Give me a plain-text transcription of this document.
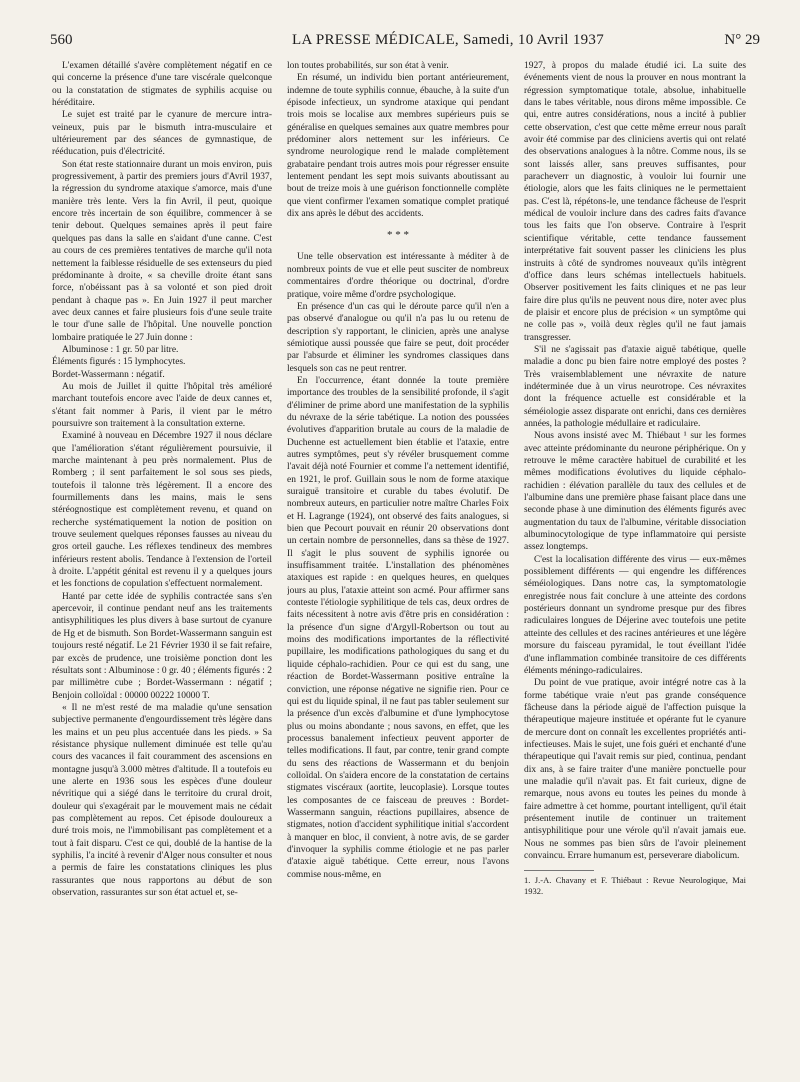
560	LA PRESSE MÉDICALE, Samedi, 10 Avril 1937	N° 29

L'examen détaillé s'avère complètement négatif en ce qui concerne la présence d'une tare viscérale quelconque ou la constatation de stigmates de syphilis acquise ou héréditaire.

Le sujet est traité par le cyanure de mercure intra-veineux, puis par le bismuth intra-musculaire et ultérieurement par des séances de gymnastique, de rééducation, puis d'électricité.

Son état reste stationnaire durant un mois environ, puis progressivement, à partir des premiers jours d'Avril 1937, la régression du syndrome ataxique s'amorce, mais d'une manière très lente. Vers la fin Avril, il peut, quoique encore très incertain de son équilibre, commencer à se tenir debout. Quelques semaines après il peut faire quelques pas dans la salle en s'aidant d'une canne. C'est au cours de ces premières tentatives de marche qu'il nota nettement la faiblesse résiduelle de ses extenseurs du pied prédominante à droite, « sa cheville droite étant sans force, n'obéissant pas à sa volonté et son pied droit pendant à chaque pas ». En Juin 1927 il peut marcher avec deux cannes et faire plusieurs fois d'une seule traite le tour d'une salle de l'hôpital. Une nouvelle ponction lombaire pratiquée le 27 Juin donne :

Albuminose : 1 gr. 50 par litre.

Éléments figurés : 15 lymphocytes.

Bordet-Wassermann : négatif.

Au mois de Juillet il quitte l'hôpital très amélioré marchant toutefois encore avec l'aide de deux cannes et, s'étant fait nommer à Paris, il vient par le métro poursuivre son traitement à la consultation externe.

Examiné à nouveau en Décembre 1927 il nous déclare que l'amélioration s'étant régulièrement poursuivie, il marche maintenant à peu près normalement. Plus de Romberg ; il sent parfaitement le sol sous ses pieds, toutefois il talonne très légèrement. Il a encore des fourmillements dans les mains, mais le sens stéréognostique est complètement revenu, et quand on recherche systématiquement la notion de position on trouve seulement quelques réponses fausses au niveau du gros orteil gauche. Les réflexes tendineux des membres inférieurs restent abolis. Tendance à l'extension de l'orteil à droite. L'appétit génital est revenu il y a quelques jours et les fonctions de copulation s'effectuent normalement.

Hanté par cette idée de syphilis contractée sans s'en apercevoir, il continue pendant neuf ans les traitements antisyphilitiques les plus divers à base surtout de cyanure de Hg et de bismuth. Son Bordet-Wassermann sanguin est toujours resté négatif. Le 21 Février 1930 il se fait refaire, par excès de prudence, une troisième ponction dont les résultats sont : Albuminose : 0 gr. 40 ; éléments figurés : 2 par millimètre cube ; Bordet-Wassermann : négatif ; Benjoin colloïdal : 00000 00222 10000 T.

« Il ne m'est resté de ma maladie qu'une sensation subjective permanente d'engourdissement très légère dans les mains et un peu plus accentuée dans les pieds. » Sa résistance physique nullement diminuée est telle qu'au cours des vacances il fait couramment des ascensions en montagne jusqu'à 3.000 mètres d'altitude. Il a toutefois eu une alerte en 1936 sous les espèces d'une douleur névritique qui a siégé dans le territoire du crural droit, douleur qui s'exagérait par le mouvement mais ne cédait pas complètement au repos. Cet épisode douloureux a duré trois mois, ne l'immobilisant pas complètement et a tout à fait disparu. C'est ce qui, doublé de la hantise de la syphilis, l'a incité à revenir d'Alger nous consulter et nous a permis de faire les constatations cliniques les plus rassurantes que nous rapportons au début de son observation, rassurantes sur son état actuel et, se-

lon toutes probabilités, sur son état à venir.

En résumé, un individu bien portant antérieurement, indemne de toute syphilis connue, ébauche, à la suite d'un épisode infectieux, un syndrome ataxique qui pendant trois mois se localise aux membres supérieurs puis se généralise en quelques semaines aux quatre membres pour prédominer alors nettement sur les inférieurs. Ce syndrome neurologique rend le malade complètement grabataire pendant trois autres mois pour régresser ensuite lentement pendant les sept mois suivants aboutissant au bout de treize mois à une guérison fonctionnelle complète que vient confirmer l'examen somatique complet pratiqué dix ans après le début des accidents.

* * *

Une telle observation est intéressante à méditer à de nombreux points de vue et elle peut susciter de nombreux commentaires d'ordre théorique ou doctrinal, d'ordre pratique, voire même d'ordre psychologique.

En présence d'un cas qui le déroute parce qu'il n'en a pas observé d'analogue ou qu'il n'a pas lu ou retenu de description s'y rapportant, le clinicien, après une analyse sémiotique aussi poussée que faire se peut, doit procéder par l'absurde et éliminer les syndromes classiques dans lesquels son cas ne peut rentrer.

En l'occurrence, étant donnée la toute première importance des troubles de la sensibilité profonde, il s'agit d'éliminer de prime abord une manifestation de la syphilis du névraxe de la série tabétique. La notion des poussées évolutives d'apparition brutale au cours de la maladie de Duchenne est actuellement bien établie et l'ataxie, entre autres symptômes, peut s'y révéler brusquement comme l'avait déjà noté Fournier et comme l'a nettement identifié, en 1921, le prof. Guillain sous le nom de forme ataxique suraiguë transitoire et curable du tabes évolutif. De nombreux auteurs, en particulier notre maître Charles Foix et H. Lagrange (1924), ont observé des faits analogues, si bien que Pecourt pouvait en réunir 20 observations dont un certain nombre de personnelles, dans sa thèse de 1927. Il s'agit le plus souvent de syphilis ignorée ou insuffisamment traitée. L'installation des phénomènes ataxiques est rapide : en quelques heures, en quelques jours au plus, l'ataxie atteint son acmé. Pour affirmer sans conteste l'étiologie syphilitique de tels cas, deux ordres de faits nécessitent à notre avis d'être pris en considération : la présence d'un signe d'Argyll-Robertson ou tout au moins des modifications importantes de la réflectivité pupillaire, les modifications pathologiques du sang et du liquide céphalo-rachidien. Pour ce qui est du sang, une réaction de Bordet-Wassermann positive entraîne la conviction, une réponse négative ne signifie rien. Pour ce qui est du liquide spinal, il ne faut pas tabler seulement sur la présence d'un excès d'albumine et d'une lymphocytose plus ou moins abondante ; nous savons, en effet, que les processus banalement infectieux peuvent apporter de telles modifications. Il faut, par contre, tenir grand compte du sens des réactions de Wassermann et du benjoin colloïdal. On s'aidera encore de la constatation de certains stigmates viscéraux (aortite, leucoplasie). Lorsque toutes les composantes de ce faisceau de preuves : Bordet-Wassermann sanguin, réactions pupillaires, absence de stigmates, notion d'accident syphilitique initial s'accordent à manquer en bloc, il convient, à notre avis, de se garder d'invoquer la syphilis comme étiologie et ne pas parler d'ataxie aiguë tabétique. Cette erreur, nous l'avons commise nous-même, en

1927, à propos du malade étudié ici. La suite des événements vient de nous la prouver en nous montrant la régression symptomatique totale, absolue, inhabituelle dans le tabes véritable, nous dirons même impossible. Ce qui, entre autres considérations, nous a incité à publier cette observation, c'est que cette même erreur nous paraît avoir été commise par des cliniciens avertis qui ont relaté des observations analogues à la nôtre. Comme nous, ils se sont laissés aller, sans preuves suffisantes, pour paracheverr un diagnostic, à vouloir lui fournir une étiologie, alors que les faits cliniques ne le permettaient pas. C'est là, répétons-le, une tendance fâcheuse de l'esprit médical de vouloir inclure dans des cadres faits d'avance tous les faits que l'on observe. Contraire à l'esprit scientifique véritable, cette tendance faussement interprétative fait souvent passer les cliniciens les plus instruits à côté de syndromes nouveaux qu'ils intègrent d'office dans leurs schémas intellectuels habituels. Observer positivement les faits cliniques et ne pas leur faire dire plus qu'ils ne peuvent nous dire, noter avec plus de plaisir et encore plus de précision « un symptôme qui ne colle pas », voilà deux règles qu'il ne faut jamais transgresser.

S'il ne s'agissait pas d'ataxie aiguë tabétique, quelle maladie a donc pu bien faire notre employé des postes ? Très vraisemblablement une névraxite de nature indéterminée due à un virus neurotrope. Ces névraxites dont la fréquence actuelle est considérable et la séméiologie assez disparate ont enrichi, dans ces dernières années, la pathologie médullaire et radiculaire.

Nous avons insisté avec M. Thiébaut ¹ sur les formes avec atteinte prédominante du neurone périphérique. On y retrouve le même caractère habituel de curabilité et les mêmes modifications évolutives du liquide céphalo-rachidien : élévation parallèle du taux des cellules et de l'albumine dans une première phase faisant place dans une seconde phase à une diminution des éléments figurés avec augmentation du taux de l'albumine, véritable dissociation albuminocytologique de type inflammatoire qui persiste assez longtemps.

C'est la localisation différente des virus — eux-mêmes possiblement différents — qui engendre les différences séméiologiques. Dans notre cas, la symptomatologie enregistrée nous fait conclure à une atteinte des cordons postérieurs donnant un syndrome presque pur des fibres radiculaires longues de Déjerine avec toutefois une petite atteinte des cellules et des racines antérieures et une légère morsure du faisceau pyramidal, le tout éveillant l'idée d'une inflammation combinée transitoire de ces différents éléments méningo-radiculaires.

Du point de vue pratique, avoir intégré notre cas à la forme tabétique vraie n'eut pas grande conséquence fâcheuse dans la période aiguë de l'affection puisque la thérapeutique majeure instituée et opérante fut le cyanure de mercure dont on connaît les excellentes propriétés anti-infectieuses. Mais le sujet, une fois guéri et enchanté d'une thérapeutique qui l'avait remis sur pied, continua, pendant dix ans, à se faire traiter d'une manière ponctuelle pour une maladie qu'il n'avait pas. Et fait curieux, digne de remarque, nous avons eu toutes les peines du monde à faire admettre à cet homme, pourtant intelligent, qu'il était présentement inutile de continuer un traitement antisyphilitique pour une vérole qu'il n'avait jamais eue. Nous ne sommes pas bien sûrs de l'avoir pleinement convaincu. Errare humanum est, perseverare diabolicum.

1. J.-A. Chavany et F. Thiébaut : Revue Neurologique, Mai 1932.
